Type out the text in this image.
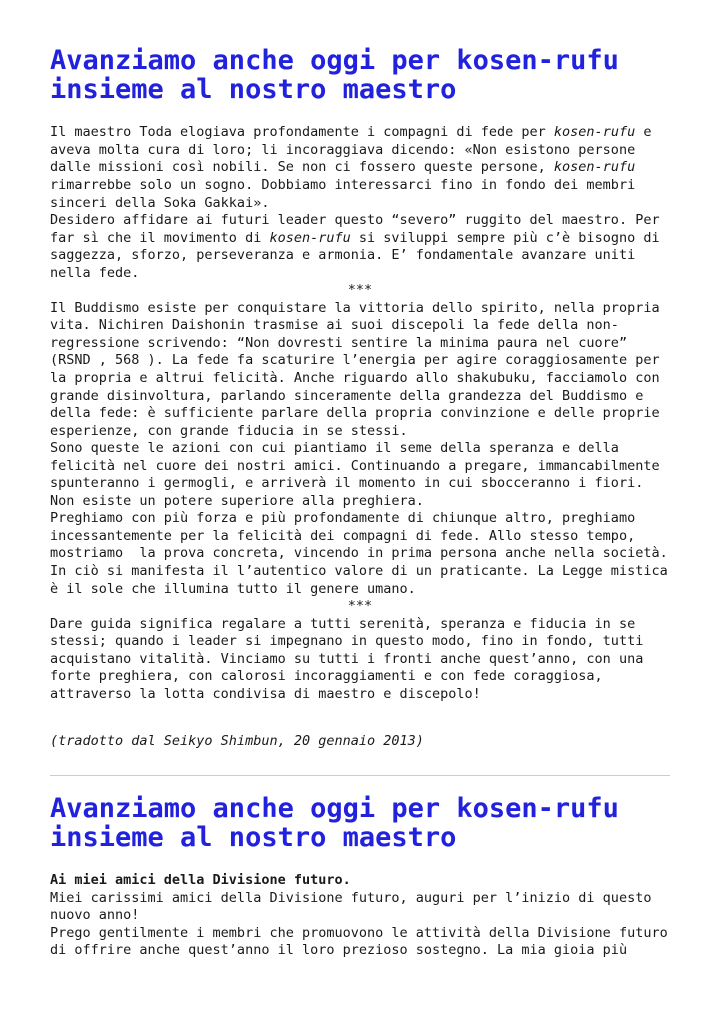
Avanziamo anche oggi per kosen-rufu insieme al nostro maestro

Il maestro Toda elogiava profondamente i compagni di fede per kosen-rufu e aveva molta cura di loro; li incoraggiava dicendo: «Non esistono persone dalle missioni così nobili. Se non ci fossero queste persone, kosen-rufu rimarrebbe solo un sogno. Dobbiamo interessarci fino in fondo dei membri sinceri della Soka Gakkai».

Desidero affidare ai futuri leader questo “severo” ruggito del maestro. Per far sì che il movimento di kosen-rufu si sviluppi sempre più c’è bisogno di saggezza, sforzo, perseveranza e armonia. E’ fondamentale avanzare uniti nella fede.

***

Il Buddismo esiste per conquistare la vittoria dello spirito, nella propria vita. Nichiren Daishonin trasmise ai suoi discepoli la fede della non-regressione scrivendo: “Non dovresti sentire la minima paura nel cuore” (RSND , 568 ). La fede fa scaturire l’energia per agire coraggiosamente per la propria e altrui felicità. Anche riguardo allo shakubuku, facciamolo con grande disinvoltura, parlando sinceramente della grandezza del Buddismo e della fede: è sufficiente parlare della propria convinzione e delle proprie esperienze, con grande fiducia in se stessi.

Sono queste le azioni con cui piantiamo il seme della speranza e della felicità nel cuore dei nostri amici. Continuando a pregare, immancabilmente spunteranno i germogli, e arriverà il momento in cui sbocceranno i fiori. Non esiste un potere superiore alla preghiera.

Preghiamo con più forza e più profondamente di chiunque altro, preghiamo incessantemente per la felicità dei compagni di fede. Allo stesso tempo, mostriamo  la prova concreta, vincendo in prima persona anche nella società. In ciò si manifesta il l’autentico valore di un praticante. La Legge mistica è il sole che illumina tutto il genere umano.

***

Dare guida significa regalare a tutti serenità, speranza e fiducia in se stessi; quando i leader si impegnano in questo modo, fino in fondo, tutti acquistano vitalità. Vinciamo su tutti i fronti anche quest’anno, con una forte preghiera, con calorosi incoraggiamenti e con fede coraggiosa, attraverso la lotta condivisa di maestro e discepolo!

(tradotto dal Seikyo Shimbun, 20 gennaio 2013)

Avanziamo anche oggi per kosen-rufu insieme al nostro maestro

Ai miei amici della Divisione futuro.

Miei carissimi amici della Divisione futuro, auguri per l’inizio di questo nuovo anno!

Prego gentilmente i membri che promuovono le attività della Divisione futuro di offrire anche quest’anno il loro prezioso sostegno. La mia gioia più
